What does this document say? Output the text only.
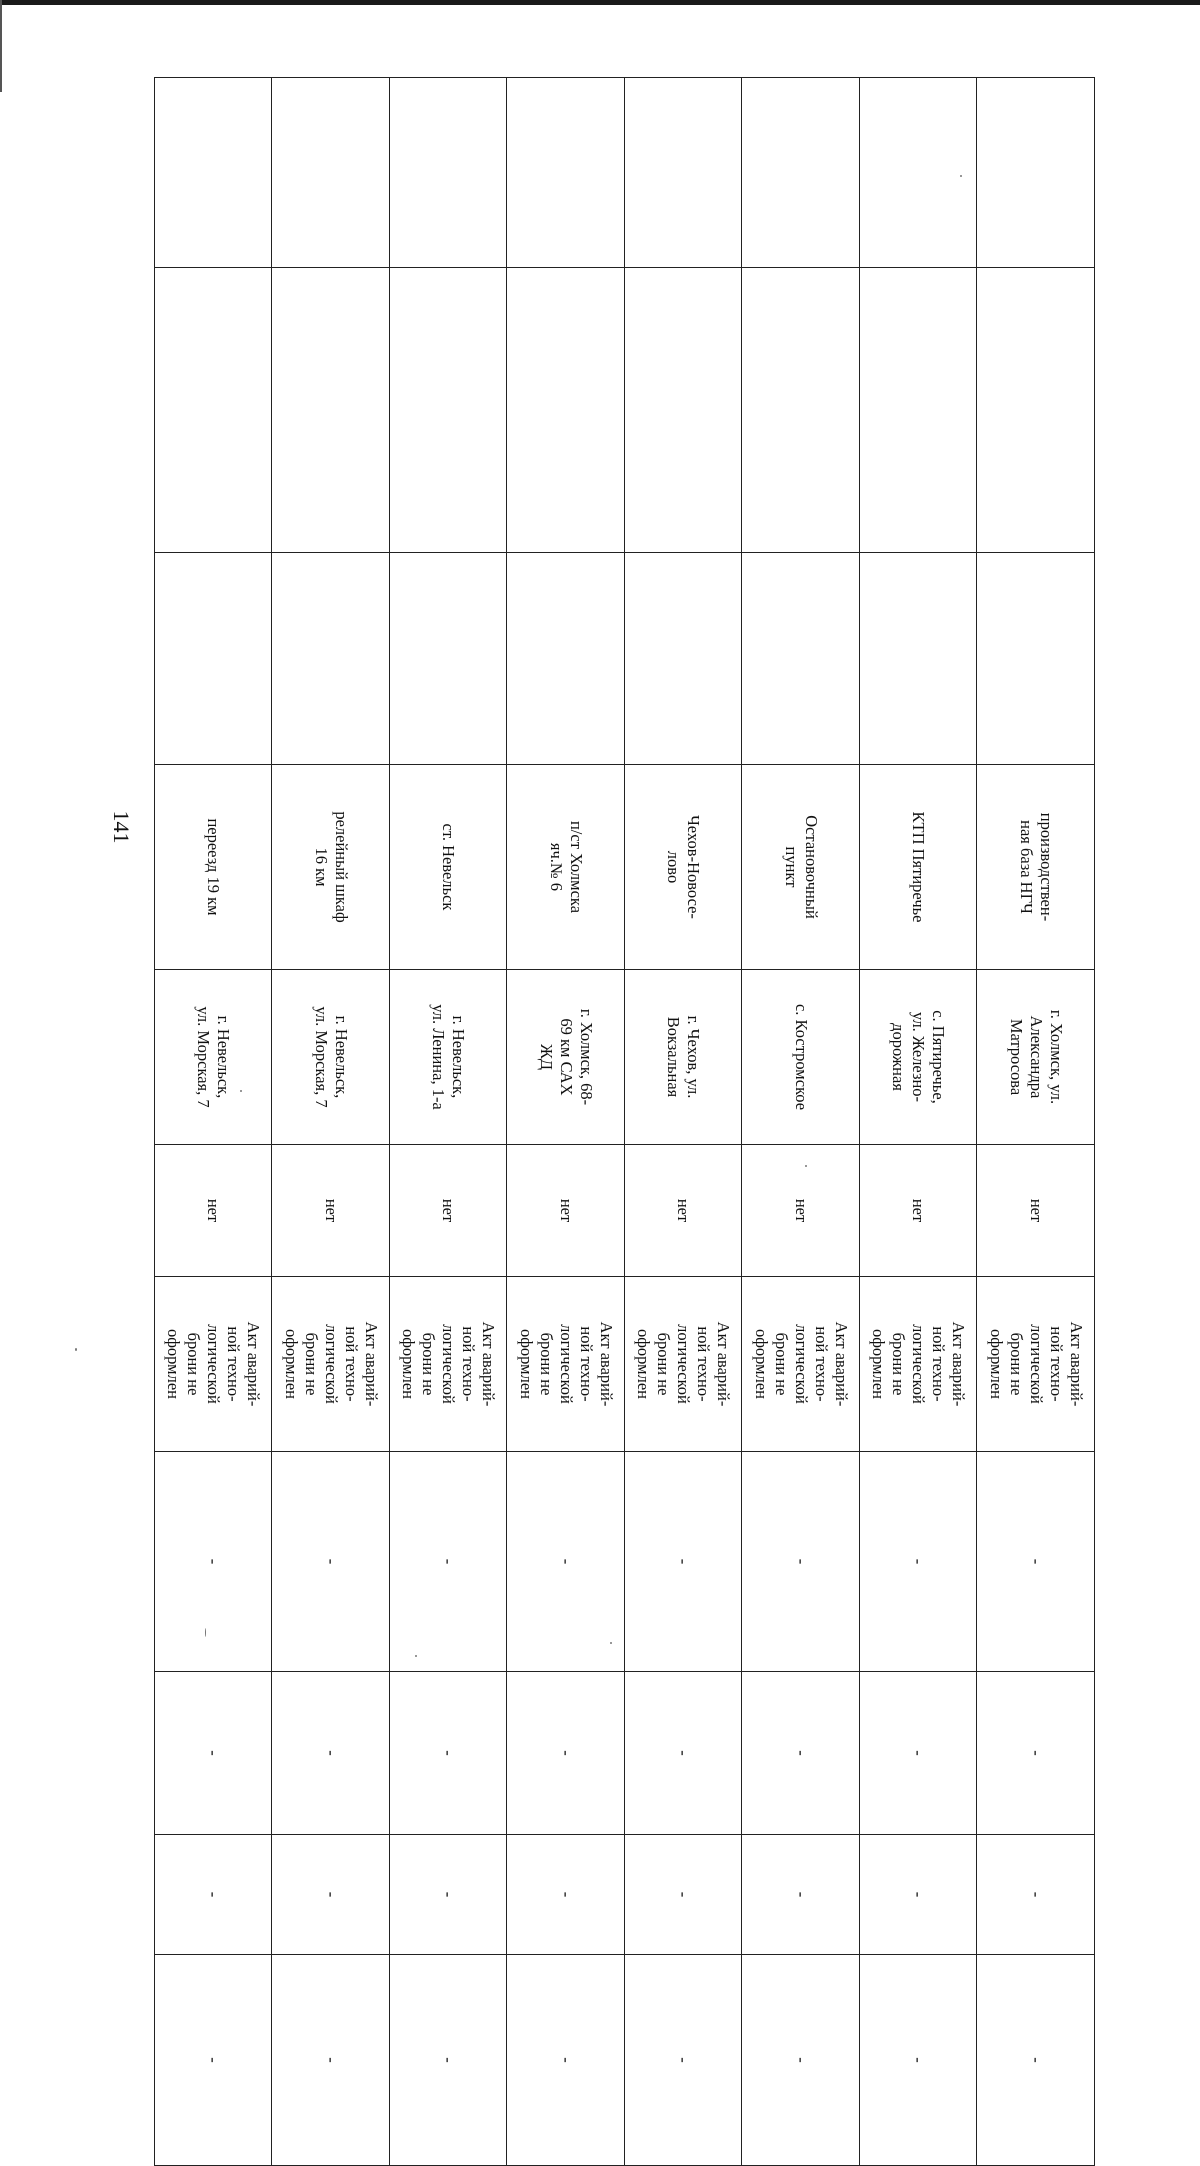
			производствен-
ная база НГЧ	г. Холмск, ул.
Александра
Матросова	нет	Акт аварий-
ной техно-
логической
брони не
оформлен	-	-	-	-
			КТП Пятиречье	с. Пятиречье,
ул. Железно-
дорожная	нет	Акт аварий-
ной техно-
логической
брони не
оформлен	-	-	-	-
			Остановочный
пункт	с. Костромское	нет	Акт аварий-
ной техно-
логической
брони не
оформлен	-	-	-	-
			Чехов-Новосе-
лово	г. Чехов, ул.
Вокзальная	нет	Акт аварий-
ной техно-
логической
брони не
оформлен	-	-	-	-
			п/ст Холмска
яч.№ 6	г. Холмск, 68-
69 км САХ
ЖД	нет	Акт аварий-
ной техно-
логической
брони не
оформлен	-	-	-	-
			ст. Невельск	г. Невельск,
ул. Ленина, 1-а	нет	Акт аварий-
ной техно-
логической
брони не
оформлен	-	-	-	-
			релейный шкаф
16 км	г. Невельск,
ул. Морская, 7	нет	Акт аварий-
ной техно-
логической
брони не
оформлен	-	-	-	-
			переезд 19 км	г. Невельск,
ул. Морская, 7	нет	Акт аварий-
ной техно-
логической
брони не
оформлен	-	-	-	-
141
